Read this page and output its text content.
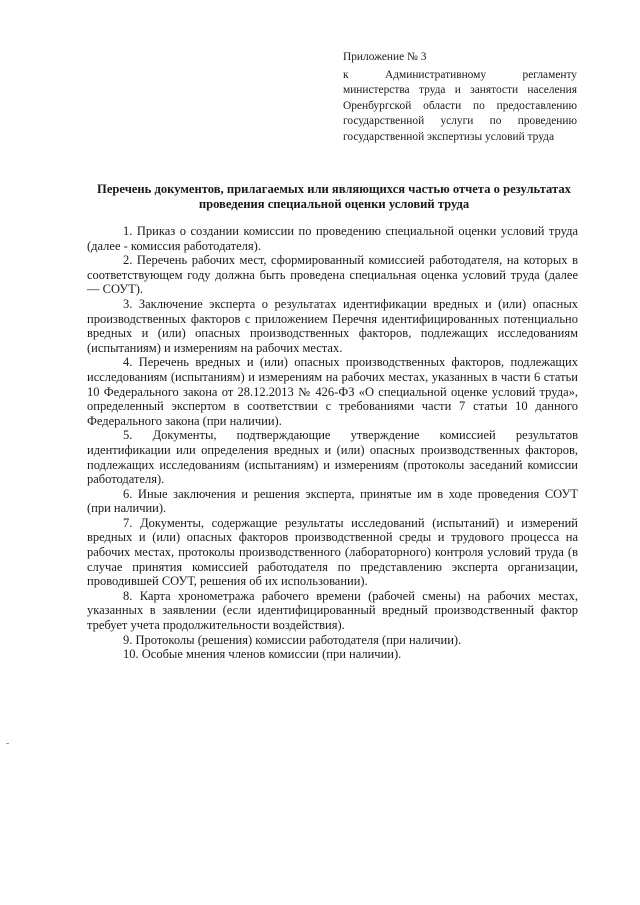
Приложение № 3
к Административному регламенту министерства труда и занятости населения Оренбургской области по предоставлению государственной услуги по проведению государственной экспертизы условий труда
Перечень документов, прилагаемых или являющихся частью отчета о результатах проведения специальной оценки условий труда

1. Приказ о создании комиссии по проведению специальной оценки условий труда (далее - комиссия работодателя).

2. Перечень рабочих мест, сформированный комиссией работодателя, на которых в соответствующем году должна быть проведена специальная оценка условий труда (далее — СОУТ).

3. Заключение эксперта о результатах идентификации вредных и (или) опасных производственных факторов с приложением Перечня идентифицированных потенциально вредных и (или) опасных производственных факторов, подлежащих исследованиям (испытаниям) и измерениям на рабочих местах.

4. Перечень вредных и (или) опасных производственных факторов, подлежащих исследованиям (испытаниям) и измерениям на рабочих местах, указанных в части 6 статьи 10 Федерального закона от 28.12.2013 № 426-ФЗ «О специальной оценке условий труда», определенный экспертом в соответствии с требованиями части 7 статьи 10 данного Федерального закона (при наличии).

5. Документы, подтверждающие утверждение комиссией результатов идентификации или определения вредных и (или) опасных производственных факторов, подлежащих исследованиям (испытаниям) и измерениям (протоколы заседаний комиссии работодателя).

6. Иные заключения и решения эксперта, принятые им в ходе проведения СОУТ (при наличии).

7. Документы, содержащие результаты исследований (испытаний) и измерений вредных и (или) опасных факторов производственной среды и трудового процесса на рабочих местах, протоколы производственного (лабораторного) контроля условий труда (в случае принятия комиссией работодателя по представлению эксперта организации, проводившей СОУТ, решения об их использовании).

8. Карта хронометража рабочего времени (рабочей смены) на рабочих местах, указанных в заявлении (если идентифицированный вредный производственный фактор требует учета продолжительности воздействия).

9. Протоколы (решения) комиссии работодателя (при наличии).

10. Особые мнения членов комиссии (при наличии).
